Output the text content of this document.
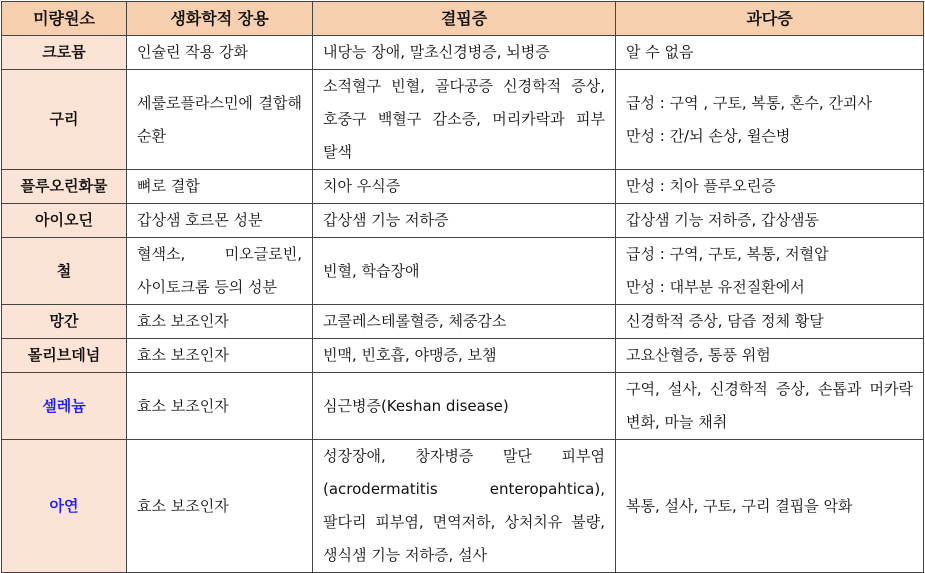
미량원소	생화학적 장용	결핍증	과다증
크로뮴	인슐린 작용 강화	내당능 장애, 말초신경병증, 뇌병증	알 수 없음

구리	세룰로플라스민에 결합해 순환	소적혈구 빈혈, 골다공증 신경학적 증상, 호중구 백혈구 감소증, 머리카락과 피부 탈색	급성 : 구역 , 구토, 복통, 혼수, 간괴사
만성 : 간/뇌 손상, 윌슨병

플루오린화물	뼈로 결합	치아 우식증	만성 : 치아 플루오린증

아이오딘	갑상샘 호르몬 성분	갑상샘 기능 저하증	갑상샘 기능 저하증, 갑상샘동

철	혈색소, 미오글로빈, 사이토크롬 등의 성분	빈혈, 학습장애	급성 : 구역, 구토, 복통, 저혈압
만성 : 대부분 유전질환에서

망간	효소 보조인자	고콜레스테롤혈증, 체중감소	신경학적 증상, 담즙 정체 황달

몰리브데넘	효소 보조인자	빈맥, 빈호흡, 야맹증, 보챔	고요산혈증, 통풍 위험

셀레늄	효소 보조인자	심근병증(Keshan disease)	구역, 설사, 신경학적 증상, 손톱과 머카락 변화, 마늘 채취
아연	효소 보조인자	성장장애, 창자병증 말단 피부염 (acrodermatitis enteropahtica), 팔다리 피부염, 면역저하, 상처치유 불량, 생식샘 기능 저하증, 설사	복통, 설사, 구토, 구리 결핍을 악화
